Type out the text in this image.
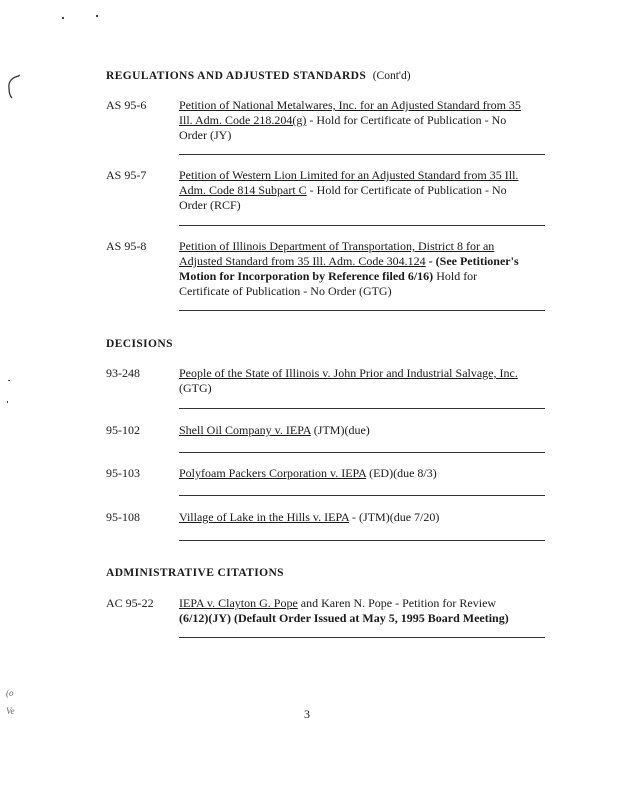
(o
Ve
REGULATIONS AND ADJUSTED STANDARDS (Cont'd)
AS 95-6	Petition of National Metalwares, Inc. for an Adjusted Standard from 35
Ill. Adm. Code 218.204(g) - Hold for Certificate of Publication - No
Order (JY)
AS 95-7	Petition of Western Lion Limited for an Adjusted Standard from 35 Ill.
Adm. Code 814 Subpart C - Hold for Certificate of Publication - No
Order (RCF)
AS 95-8	Petition of Illinois Department of Transportation, District 8 for an
Adjusted Standard from 35 Ill. Adm. Code 304.124 - (See Petitioner's
Motion for Incorporation by Reference filed 6/16) Hold for
Certificate of Publication - No Order (GTG)
DECISIONS
93-248	People of the State of Illinois v. John Prior and Industrial Salvage, Inc.
(GTG)
95-102	Shell Oil Company v. IEPA (JTM)(due)
95-103	Polyfoam Packers Corporation v. IEPA (ED)(due 8/3)
95-108	Village of Lake in the Hills v. IEPA - (JTM)(due 7/20)
ADMINISTRATIVE CITATIONS
AC 95-22 IEPA v. Clayton G. Pope and Karen N. Pope - Petition for Review
(6/12)(JY) (Default Order Issued at May 5, 1995 Board Meeting)
3
